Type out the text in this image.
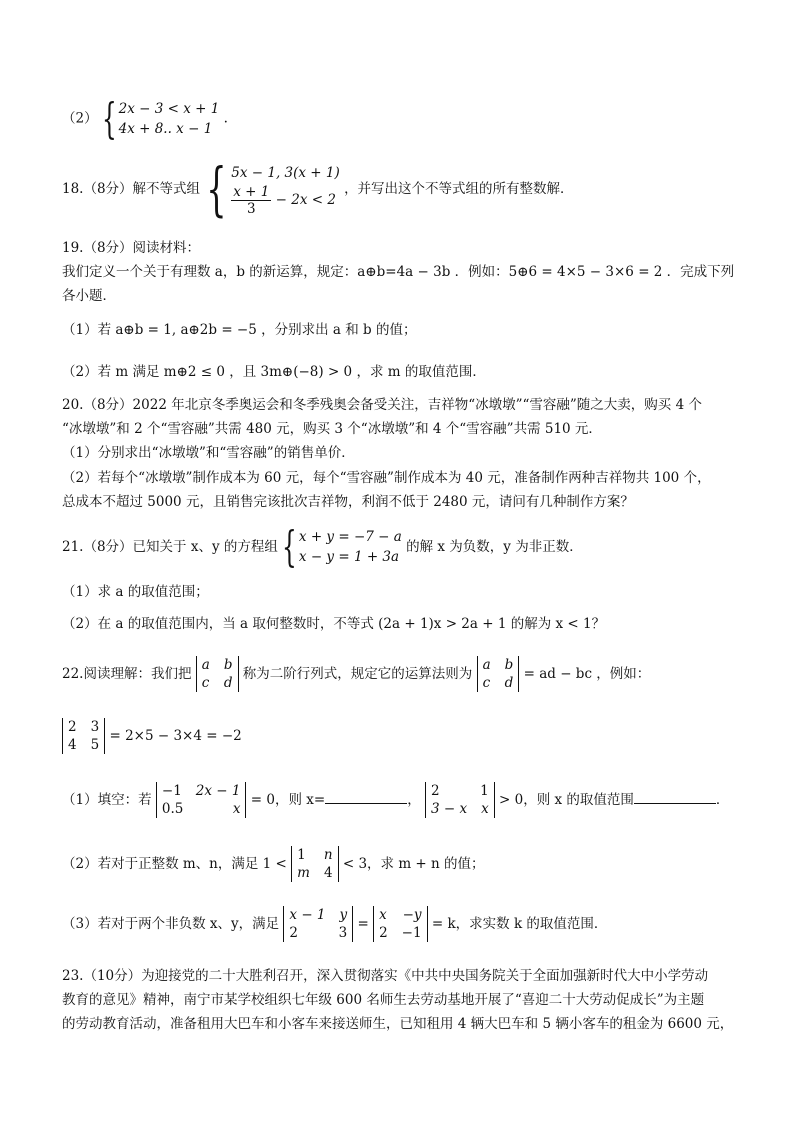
（2） { 2x − 3 < x + 1
4x + 8.. x − 1
.
18.（8分）解不等式组 { 5x − 1, 3(x + 1)
$\frac{x + 1}{3} - 2x < 2$
，并写出这个不等式组的所有整数解．
19.（8分）阅读材料：
我们定义一个关于有理数 a，b 的新运算，规定：a⊕b=4a − 3b ．例如：5⊕6 = 4×5 − 3×6 = 2 ．完成下列
各小题．
（1）若 a⊕b = 1, a⊕2b = −5 ，分别求出 a 和 b 的值；
（2）若 m 满足 m⊕2 ≤ 0 ，且 3m⊕(−8) > 0 ，求 m 的取值范围．
20.（8分）2022 年北京冬季奥运会和冬季残奥会备受关注，吉祥物“冰墩墩”“雪容融”随之大卖，购买 4 个
“冰墩墩”和 2 个“雪容融”共需 480 元，购买 3 个“冰墩墩”和 4 个“雪容融”共需 510 元．
（1）分别求出“冰墩墩”和“雪容融”的销售单价．
（2）若每个“冰墩墩”制作成本为 60 元，每个“雪容融”制作成本为 40 元，准备制作两种吉祥物共 100 个，
总成本不超过 5000 元，且销售完该批次吉祥物，利润不低于 2480 元，请问有几种制作方案？
21.（8分）已知关于 x、y 的方程组 { x + y = −7 − a
x − y = 1 + 3a
的解 x 为负数，y 为非正数．
（1）求 a 的取值范围；
（2）在 a 的取值范围内，当 a 取何整数时，不等式 (2a + 1)x > 2a + 1 的解为 x < 1？
22.阅读理解：我们把
a b
c d
称为二阶行列式，规定它的运算法则为
a b
c d
= ad − bc ，例如：
2 3
4 5
= 2×5 − 3×4 = −2
（1）填空：若
−1 2x − 1
0.5	x
= 0，则 x=	，
2	1
3 − x x
> 0，则 x 的取值范围	．
（2）若对于正整数 m、n，满足 1 <
1 n
m 4
< 3，求 m + n 的值；
（3）若对于两个非负数 x、y，满足
x − 1 y
2	3
=
x −y
2 −1
= k，求实数 k 的取值范围．
23.（10分）为迎接党的二十大胜利召开，深入贯彻落实《中共中央国务院关于全面加强新时代大中小学劳动
教育的意见》精神，南宁市某学校组织七年级 600 名师生去劳动基地开展了“喜迎二十大劳动促成长”为主题
的劳动教育活动，准备租用大巴车和小客车来接送师生，已知租用 4 辆大巴车和 5 辆小客车的租金为 6600 元，
